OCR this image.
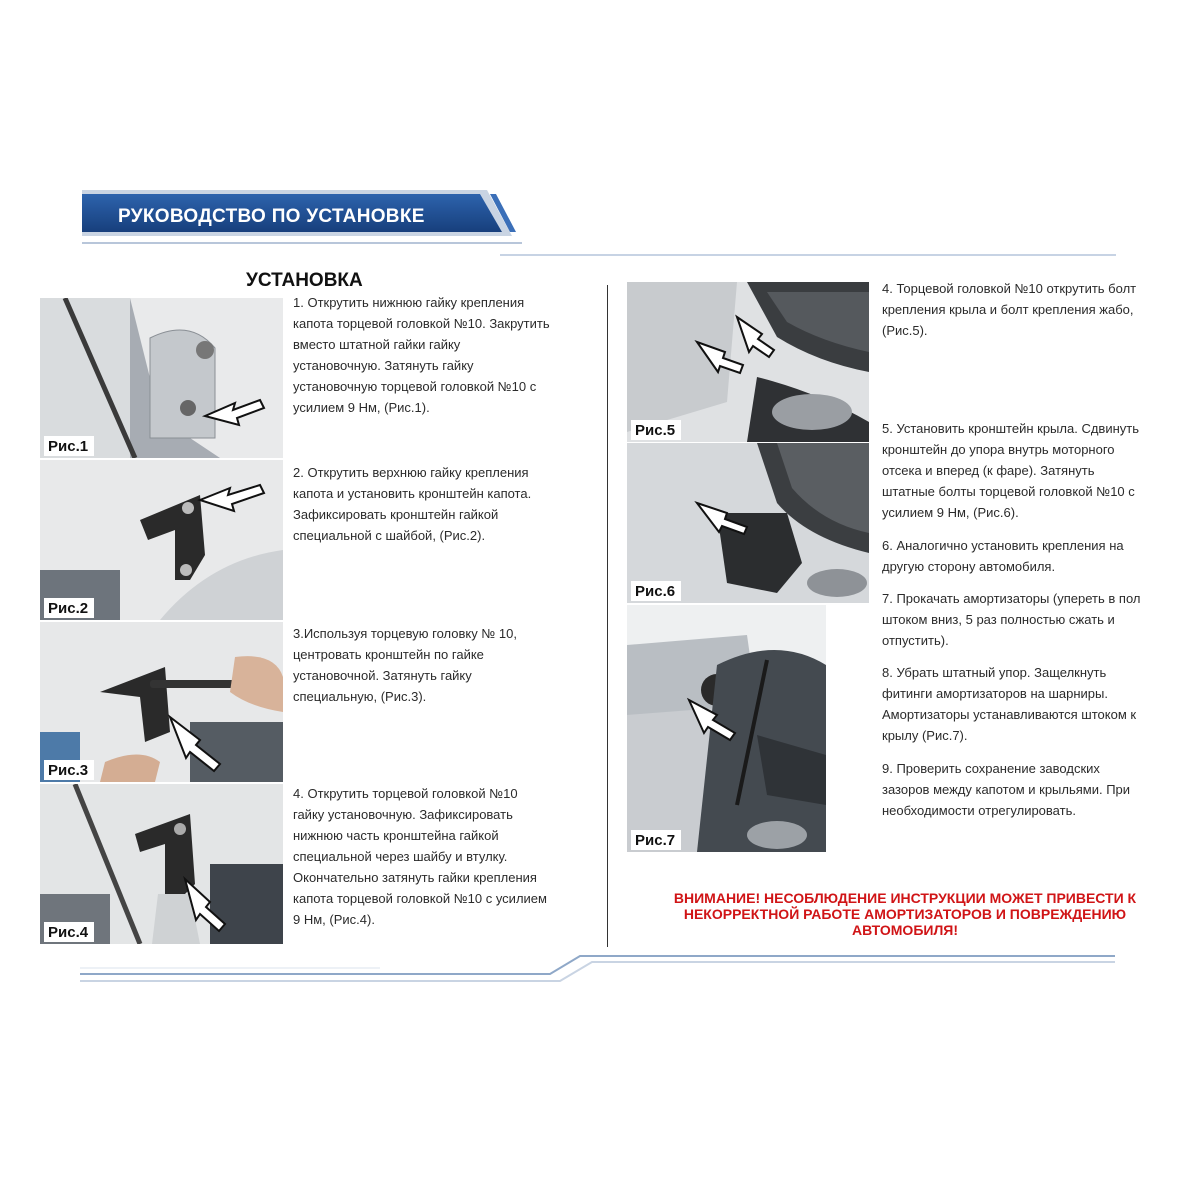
РУКОВОДСТВО ПО УСТАНОВКЕ
УСТАНОВКА
Рис.1
Рис.2
Рис.3
Рис.4
1. Открутить нижнюю гайку крепления
капота торцевой головкой №10. Закрутить
вместо штатной гайки гайку
установочную. Затянуть гайку
установочную торцевой головкой №10 с
усилием 9 Нм, (Рис.1).
2. Открутить верхнюю гайку крепления
капота и установить кронштейн капота.
Зафиксировать кронштейн гайкой
специальной с шайбой, (Рис.2).
3.Используя торцевую головку № 10,
центровать кронштейн по гайке
установочной. Затянуть гайку
специальную, (Рис.3).
4. Открутить торцевой головкой №10
гайку установочную. Зафиксировать
нижнюю часть кронштейна гайкой
специальной через шайбу и втулку.
Окончательно затянуть гайки крепления
капота торцевой головкой №10 с усилием
9 Нм, (Рис.4).
Рис.5
Рис.6
Рис.7
4. Торцевой головкой №10 открутить болт
крепления крыла и болт крепления жабо,
(Рис.5).
5. Установить кронштейн крыла. Сдвинуть
кронштейн до упора внутрь моторного
отсека и вперед (к фаре). Затянуть
штатные болты торцевой головкой №10 с
усилием 9 Нм, (Рис.6).
6. Аналогично установить крепления на
другую сторону автомобиля.
7. Прокачать амортизаторы (упереть в пол
штоком вниз, 5 раз полностью сжать и
отпустить).
8. Убрать штатный упор. Защелкнуть
фитинги амортизаторов на шарниры.
Амортизаторы устанавливаются штоком к
крылу (Рис.7).
9. Проверить сохранение заводских
зазоров между капотом и крыльями. При
необходимости отрегулировать.
ВНИМАНИЕ! НЕСОБЛЮДЕНИЕ ИНСТРУКЦИИ МОЖЕТ ПРИВЕСТИ К
НЕКОРРЕКТНОЙ РАБОТЕ АМОРТИЗАТОРОВ И ПОВРЕЖДЕНИЮ
АВТОМОБИЛЯ!
